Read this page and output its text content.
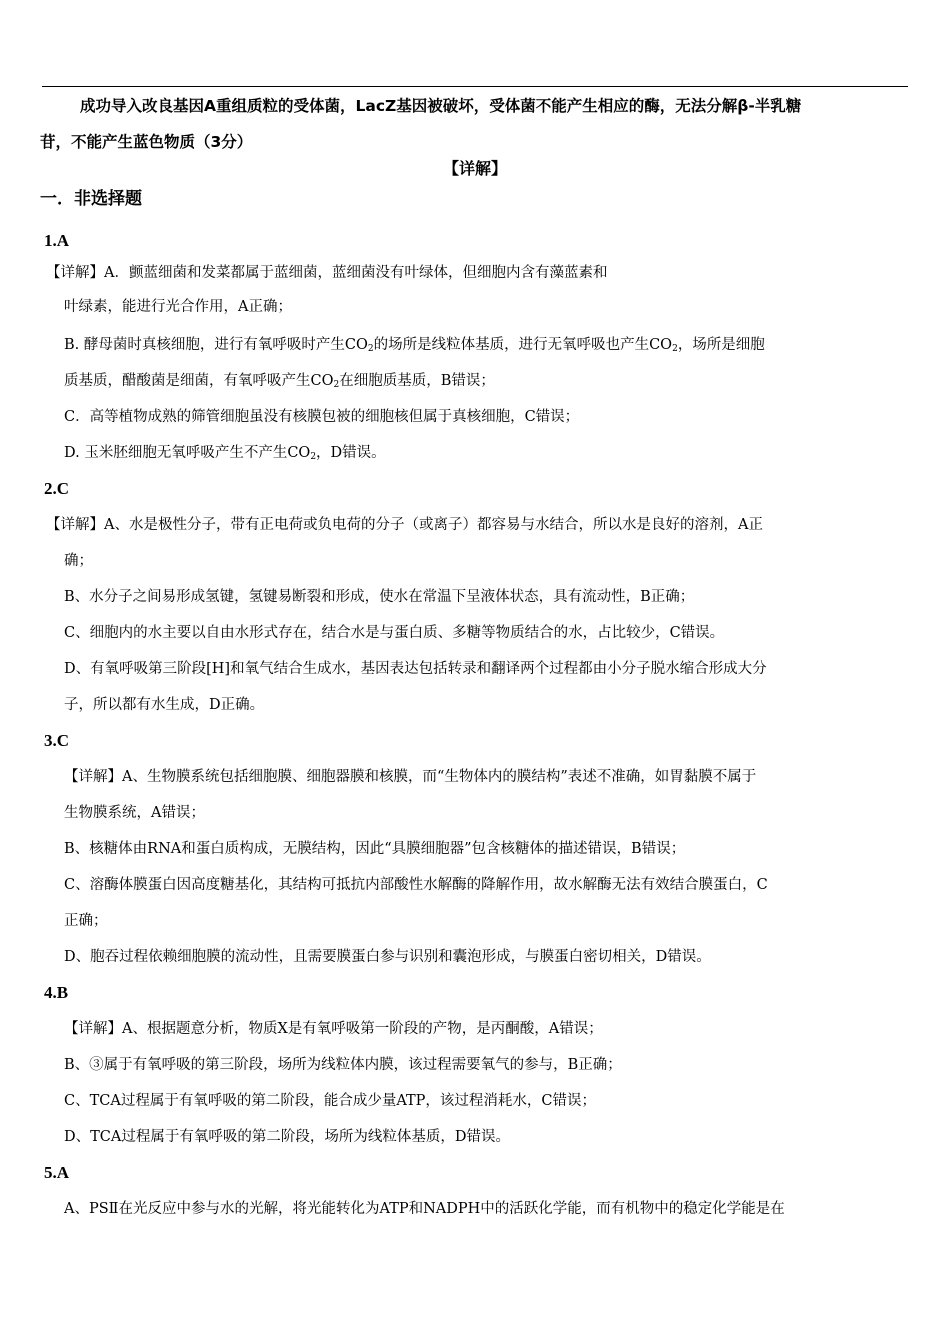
成功导入改良基因A重组质粒的受体菌，LacZ基因被破坏，受体菌不能产生相应的酶，无法分解β-半乳糖
苷，不能产生蓝色物质（3分）
【详解】
一．非选择题
1.A
【详解】A．颤蓝细菌和发菜都属于蓝细菌，蓝细菌没有叶绿体，但细胞内含有藻蓝素和
叶绿素，能进行光合作用，A正确；
B. 酵母菌时真核细胞，进行有氧呼吸时产生$CO_2$的场所是线粒体基质，进行无氧呼吸也产生$CO_2$，场所是细胞
质基质，醋酸菌是细菌，有氧呼吸产生$CO_2$在细胞质基质，B错误；
C．高等植物成熟的筛管细胞虽没有核膜包被的细胞核但属于真核细胞，C错误；
D. 玉米胚细胞无氧呼吸产生不产生$CO_2$，D错误。
2.C
【详解】A、水是极性分子，带有正电荷或负电荷的分子（或离子）都容易与水结合，所以水是良好的溶剂，A正
确；
B、水分子之间易形成氢键，氢键易断裂和形成，使水在常温下呈液体状态，具有流动性，B正确；
C、细胞内的水主要以自由水形式存在，结合水是与蛋白质、多糖等物质结合的水，占比较少，C错误。
D、有氧呼吸第三阶段[H]和氧气结合生成水，基因表达包括转录和翻译两个过程都由小分子脱水缩合形成大分
子，所以都有水生成，D正确。
3.C
【详解】A、生物膜系统包括细胞膜、细胞器膜和核膜，而“生物体内的膜结构”表述不准确，如胃黏膜不属于
生物膜系统，A错误；
B、核糖体由RNA和蛋白质构成，无膜结构，因此“具膜细胞器”包含核糖体的描述错误，B错误；
C、溶酶体膜蛋白因高度糖基化，其结构可抵抗内部酸性水解酶的降解作用，故水解酶无法有效结合膜蛋白，C
正确；
D、胞吞过程依赖细胞膜的流动性，且需要膜蛋白参与识别和囊泡形成，与膜蛋白密切相关，D错误。
4.B
【详解】A、根据题意分析，物质X是有氧呼吸第一阶段的产物，是丙酮酸，A错误；
B、③属于有氧呼吸的第三阶段，场所为线粒体内膜，该过程需要氧气的参与，B正确；
C、TCA过程属于有氧呼吸的第二阶段，能合成少量ATP，该过程消耗水，C错误；
D、TCA过程属于有氧呼吸的第二阶段，场所为线粒体基质，D错误。
5.A
A、PSⅡ在光反应中参与水的光解，将光能转化为ATP和NADPH中的活跃化学能，而有机物中的稳定化学能是在
